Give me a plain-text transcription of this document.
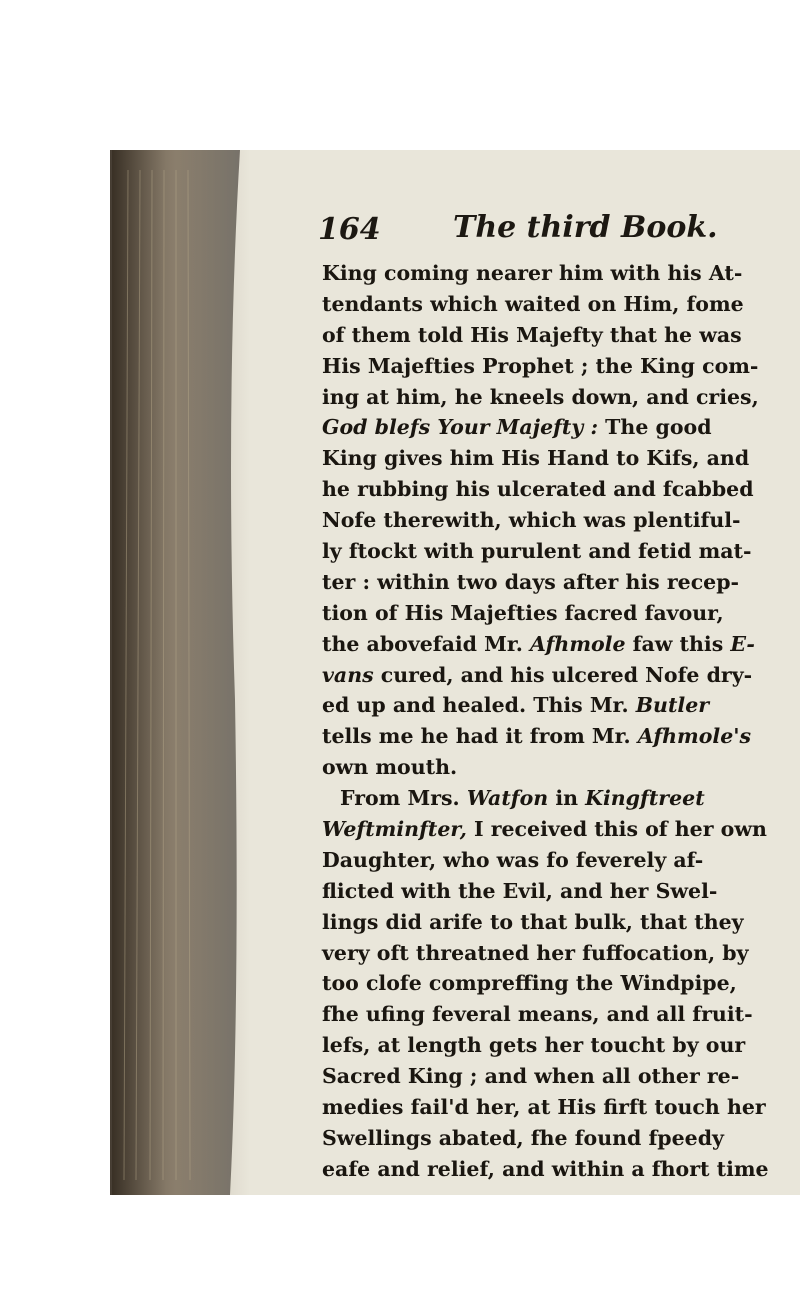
164 The third Book.
King coming nearer him with his At-
tendants which waited on Him, fome
of them told His Majefty that he was
His Majefties Prophet ; the King com-
ing at him, he kneels down, and cries,
God blefs Your Majefty : The good
King gives him His Hand to Kifs, and
he rubbing his ulcerated and fcabbed
Nofe therewith, which was plentiful-
ly ftockt with purulent and fetid mat-
ter : within two days after his recep-
tion of His Majefties facred favour,
the abovefaid Mr. Afhmole faw this E-
vans cured, and his ulcered Nofe dry-
ed up and healed. This Mr. Butler
tells me he had it from Mr. Afhmole's
own mouth.
From Mrs. Watfon in Kingftreet
Weftminfter, I received this of her own
Daughter, who was fo feverely af-
flicted with the Evil, and her Swel-
lings did arife to that bulk, that they
very oft threatned her fuffocation, by
too clofe compreffing the Windpipe,
fhe ufing feveral means, and all fruit-
lefs, at length gets her toucht by our
Sacred King ; and when all other re-
medies fail'd her, at His firft touch her
Swellings abated, fhe found fpeedy
eafe and relief, and within a fhort time
